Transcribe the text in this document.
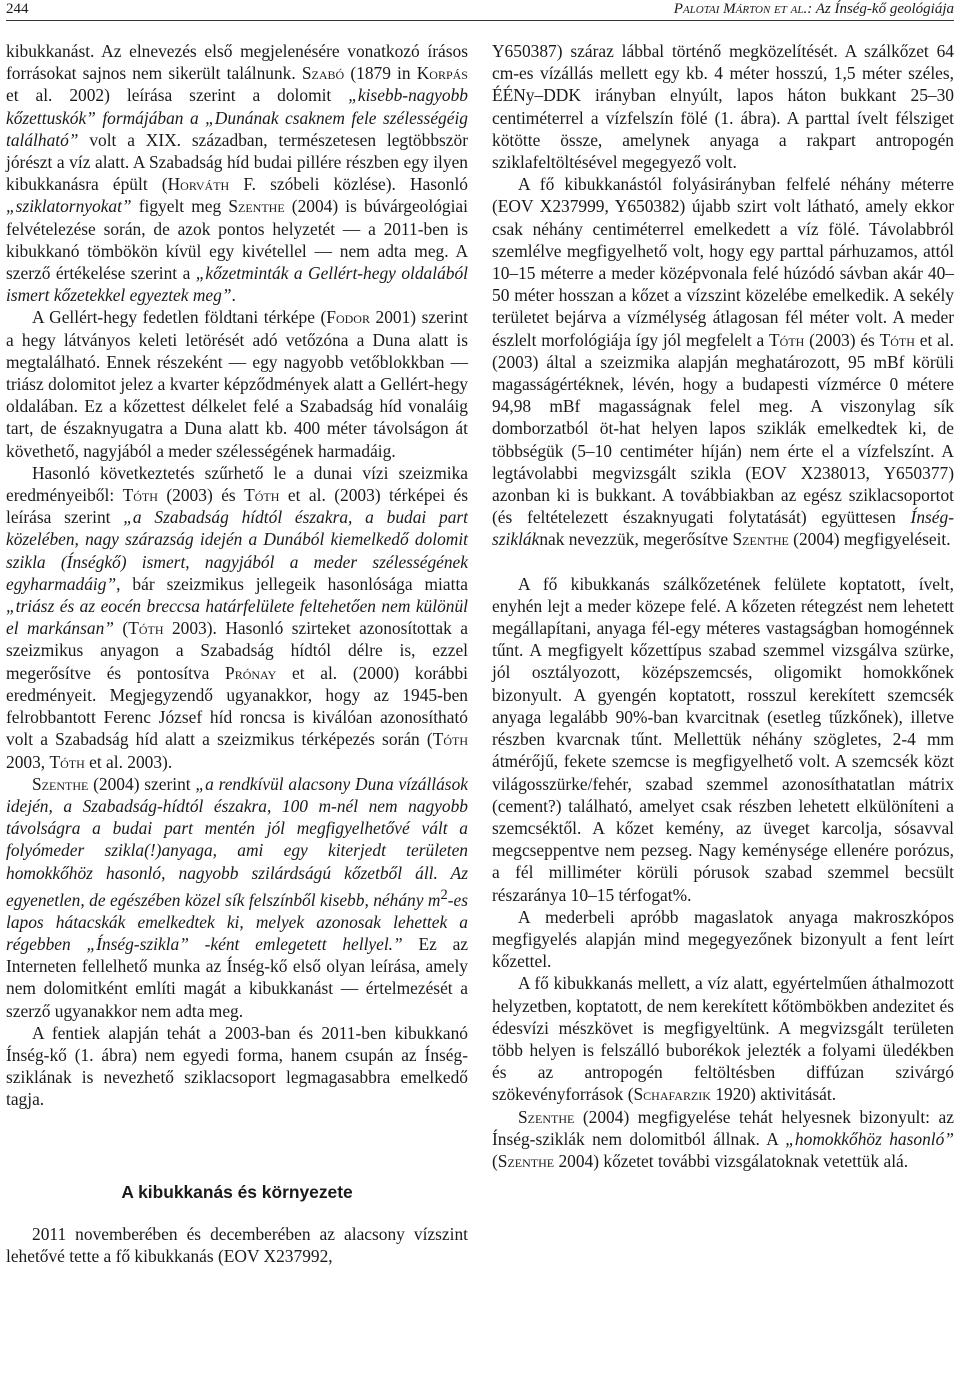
244	Palotai Márton et al.: Az Ínség-kő geológiája

kibukkanást. Az elnevezés első megjelenésére vonatkozó írásos forrásokat sajnos nem sikerült találnunk. Szabó (1879 in Korpás et al. 2002) leírása szerint a dolomit „kisebb-nagyobb kőzettuskók” formájában a „Dunának csaknem fele szélességéig található” volt a XIX. században, természetesen legtöbbször jórészt a víz alatt. A Szabadság híd budai pillére részben egy ilyen kibukkanásra épült (Horváth F. szóbeli közlése). Hasonló „sziklatornyokat” figyelt meg Szenthe (2004) is búvárgeológiai felvételezése során, de azok pontos helyzetét — a 2011-ben is kibukkanó tömbökön kívül egy kivétellel — nem adta meg. A szerző értékelése szerint a „kőzetminták a Gellért-hegy oldalából ismert kőzetekkel egyeztek meg”.

A Gellért-hegy fedetlen földtani térképe (Fodor 2001) szerint a hegy látványos keleti letörését adó vetőzóna a Duna alatt is megtalálható. Ennek részeként — egy nagyobb vetőblokkban — triász dolomitot jelez a kvarter képződmények alatt a Gellért-hegy oldalában. Ez a kőzettest délkelet felé a Szabadság híd vonaláig tart, de északnyugatra a Duna alatt kb. 400 méter távolságon át követhető, nagyjából a meder szélességének harmadáig.

Hasonló következtetés szűrhető le a dunai vízi szeizmika eredményeiből: Tóth (2003) és Tóth et al. (2003) térképei és leírása szerint „a Szabadság hídtól északra, a budai part közelében, nagy szárazság idején a Dunából kiemelkedő dolomit szikla (Ínségkő) ismert, nagyjából a meder szélességének egyharmadáig”, bár szeizmikus jellegeik hasonlósága miatta „triász és az eocén breccsa határfelülete feltehetően nem különül el markánsan” (Tóth 2003). Hasonló szirteket azonosítottak a szeizmikus anyagon a Szabadság hídtól délre is, ezzel megerősítve és pontosítva Prónay et al. (2000) korábbi eredményeit. Megjegyzendő ugyanakkor, hogy az 1945-ben felrobbantott Ferenc József híd roncsa is kiválóan azonosítható volt a Szabadság híd alatt a szeizmikus térképezés során (Tóth 2003, Tóth et al. 2003).

Szenthe (2004) szerint „a rendkívül alacsony Duna vízállások idején, a Szabadság-hídtól északra, 100 m-nél nem nagyobb távolságra a budai part mentén jól megfigyelhetővé vált a folyómeder szikla(!)anyaga, ami egy kiterjedt területen homokkőhöz hasonló, nagyobb szilárdságú kőzetből áll. Az egyenetlen, de egészében közel sík felszínből kisebb, néhány $m^2-es$ lapos hátacskák emelkedtek ki, melyek azonosak lehettek a régebben „Ínség-szikla” -ként emlegetett hellyel.” Ez az Interneten fellelhető munka az Ínség-kő első olyan leírása, amely nem dolomitként említi magát a kibukkanást — értelmezését a szerző ugyanakkor nem adta meg.

A fentiek alapján tehát a 2003-ban és 2011-ben kibukkanó Ínség-kő (1. ábra) nem egyedi forma, hanem csupán az Ínség-sziklának is nevezhető sziklacsoport legmagasabbra emelkedő tagja.

A kibukkanás és környezete

2011 novemberében és decemberében az alacsony vízszint lehetővé tette a fő kibukkanás (EOV X237992,

Y650387) száraz lábbal történő megközelítését. A szálkőzet 64 cm-es vízállás mellett egy kb. 4 méter hosszú, 1,5 méter széles, ÉÉNy–DDK irányban elnyúlt, lapos háton bukkant 25–30 centiméterrel a vízfelszín fölé (1. ábra). A parttal ívelt félsziget kötötte össze, amelynek anyaga a rakpart antropogén sziklafeltöltésével megegyező volt.

A fő kibukkanástól folyásirányban felfelé néhány méterre (EOV X237999, Y650382) újabb szirt volt látható, amely ekkor csak néhány centiméterrel emelkedett a víz fölé. Távolabbról szemlélve megfigyelhető volt, hogy egy parttal párhuzamos, attól 10–15 méterre a meder középvonala felé húzódó sávban akár 40–50 méter hosszan a kőzet a vízszint közelébe emelkedik. A sekély területet bejárva a vízmélység átlagosan fél méter volt. A meder észlelt morfológiája így jól megfelelt a Tóth (2003) és Tóth et al. (2003) által a szeizmika alapján meghatározott, 95 mBf körüli magasságértéknek, lévén, hogy a budapesti vízmérce 0 métere 94,98 mBf magasságnak felel meg. A viszonylag sík domborzatból öt-hat helyen lapos sziklák emelkedtek ki, de többségük (5–10 centiméter híján) nem érte el a vízfelszínt. A legtávolabbi megvizsgált szikla (EOV X238013, Y650377) azonban ki is bukkant. A továbbiakban az egész sziklacsoportot (és feltételezett északnyugati folytatását) együttesen Ínség-szikláknak nevezzük, megerősítve Szenthe (2004) megfigyeléseit.

A fő kibukkanás szálkőzetének felülete koptatott, ívelt, enyhén lejt a meder közepe felé. A kőzeten rétegzést nem lehetett megállapítani, anyaga fél-egy méteres vastagságban homogénnek tűnt. A megfigyelt kőzettípus szabad szemmel vizsgálva szürke, jól osztályozott, középszemcsés, oligomikt homokkőnek bizonyult. A gyengén koptatott, rosszul kerekített szemcsék anyaga legalább 90%-ban kvarcitnak (esetleg tűzkőnek), illetve részben kvarcnak tűnt. Mellettük néhány szögletes, 2-4 mm átmérőjű, fekete szemcse is megfigyelhető volt. A szemcsék közt világosszürke/fehér, szabad szemmel azonosíthatatlan mátrix (cement?) található, amelyet csak részben lehetett elkülöníteni a szemcséktől. A kőzet kemény, az üveget karcolja, sósavval megcseppentve nem pezseg. Nagy keménysége ellenére porózus, a fél milliméter körüli pórusok szabad szemmel becsült részaránya 10–15 térfogat%.

A mederbeli apróbb magaslatok anyaga makroszkópos megfigyelés alapján mind megegyezőnek bizonyult a fent leírt kőzettel.

A fő kibukkanás mellett, a víz alatt, egyértelműen áthalmozott helyzetben, koptatott, de nem kerekített kőtömbökben andezitet és édesvízi mészkövet is megfigyeltünk. A megvizsgált területen több helyen is felszálló buborékok jelezték a folyami üledékben és az antropogén feltöltésben diffúzan szivárgó szökevényforrások (Schafarzik 1920) aktivitását.

Szenthe (2004) megfigyelése tehát helyesnek bizonyult: az Ínség-sziklák nem dolomitból állnak. A „homokkőhöz hasonló” (Szenthe 2004) kőzetet további vizsgálatoknak vetettük alá.
